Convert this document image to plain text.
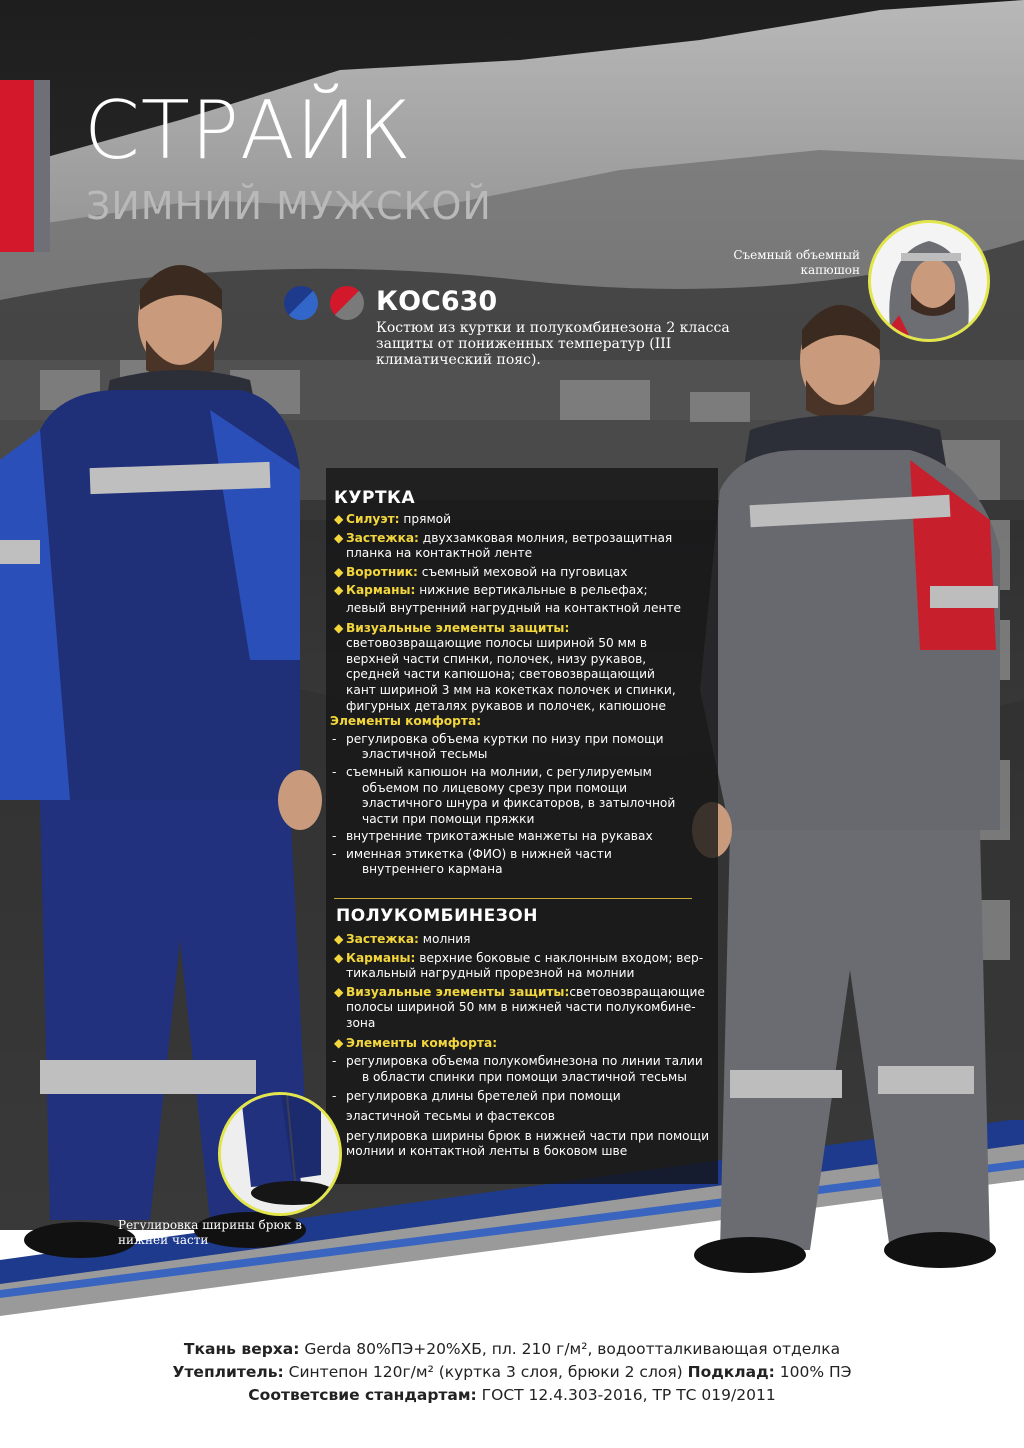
СТРАЙК
ЗИМНИЙ МУЖСКОЙ
КОС630
Костюм из куртки и полукомбинезона 2 класса защиты от пониженных температур (III климатический пояс).
Съемный объемный капюшон
КУРТКА
◆ Силуэт: прямой
◆ Застежка: двухзамковая молния, ветрозащитная
планка на контактной ленте
◆ Воротник: съемный меховой на пуговицах
◆ Карманы: нижние вертикальные в рельефах;
левый внутренний нагрудный на контактной ленте
◆ Визуальные элементы защиты:
световозвращающие полосы шириной 50 мм в
верхней части спинки, полочек, низу рукавов,
средней части капюшона; световозвращающий
кант шириной 3 мм на кокетках полочек и спинки,
фигурных деталях рукавов и полочек, капюшоне
Элементы комфорта:
- регулировка объема куртки по низу при помощи
эластичной тесьмы
- съемный капюшон на молнии, с регулируемым
объемом по лицевому срезу при помощи
эластичного шнура и фиксаторов, в затылочной
части при помощи пряжки
- внутренние трикотажные манжеты на рукавах
- именная этикетка (ФИО) в нижней части
внутреннего кармана
ПОЛУКОМБИНЕЗОН
◆ Застежка: молния
◆ Карманы: верхние боковые с наклонным входом; вер-
тикальный нагрудный прорезной на молнии
◆ Визуальные элементы защиты:световозвращающие
полосы шириной 50 мм в нижней части полукомбине-
зона
◆ Элементы комфорта:
- регулировка объема полукомбинезона по линии талии
в области спинки при помощи эластичной тесьмы
- регулировка длины бретелей при помощи
эластичной тесьмы и фастексов
регулировка ширины брюк в нижней части при помощи
молнии и контактной ленты в боковом шве
Регулировка ширины брюк в нижней части
Ткань верха: Gerda 80%ПЭ+20%ХБ, пл. 210 г/м², водоотталкивающая отделка
Утеплитель: Синтепон 120г/м² (куртка 3 слоя, брюки 2 слоя) Подклад: 100% ПЭ
Соответсвие стандартам: ГОСТ 12.4.303-2016, ТР ТС 019/2011
